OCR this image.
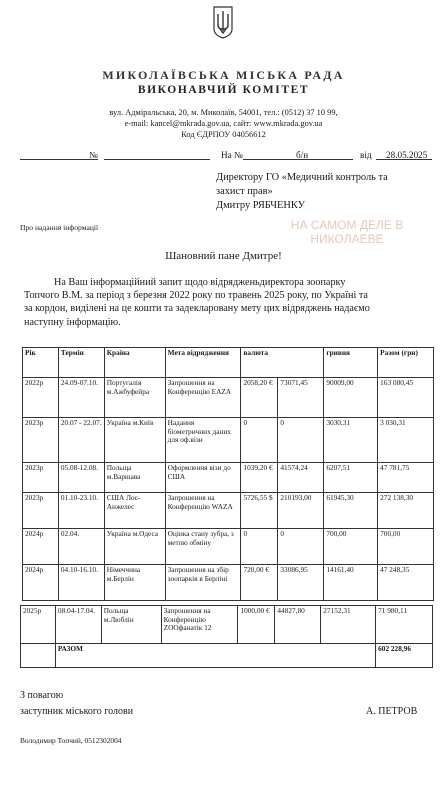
МИКОЛАЇВСЬКА МІСЬКА РАДА
ВИКОНАВЧИЙ КОМІТЕТ
вул. Адміральська, 20, м. Миколаїв, 54001, тел.: (0512) 37 10 99,
e-mail: kancel@mkrada.gov.ua, сайт: www.mkrada.gov.ua
Код ЄДРПОУ 04056612
№	На №	б/н	від 28.05.2025
Директору ГО «Медичний контроль та
захист прав»
Дмитру РЯБЧЕНКУ
Про надання інформації	НА САМОМ ДЕЛЕ В
НИКОЛАЕВЕ
Шановний пане Дмитре!
На Ваш інформаційний запит щодо відрядженьдиректора зоопарку
Топчого В.М. за період з березня 2022 року по травень 2025 року, по Україні та
за кордон, виділені на це кошти та задекларовану мету цих відряджень надаємо
наступну інформацію.
Рік	Термін	Країна	Мета відрядження	валюта		гривня	Разом (грн)
2022р	24.09-07.10.	Португалія м.Ажбуфейра	Запрошення на Конференцію EAZA	2058,20 €	73071,45	90009,00	163 080,45
2023р	20.07 - 22.07.	Україна м.Київ	Надання біометричних даних для оф.візи	0	0	3030,31	3 030,31
2023р	05.08-12.08.	Польща м.Варшава	Оформлення візи до США	1039,20 €	41574,24	6207,51	47 781,75
2023р	01.10-23.10.	США Лос-Анжелес	Запрошення на Конференцію WAZA	5726,55 $	210193,00	61945,30	272 138,30
2024р	02.04.	Україна м.Одеса	Оцінка стану зубра, з метою обміну	0	0	700,00	700,00
2024р	04.10-16.10.	Німеччина м.Берлін	Запрошення на збір зоопарків в Берліні	720,00 €	33086,95	14161,40	47 248,35
2025р	08.04-17.04.	Польща м.Люблін	Запрошення на Конференцію ZOOфанатік 12	1000,00 €	44827,80	27152,31	71 980,11
	РАЗОМ						602 228,96
З повагою
заступник міського голови	А. ПЕТРОВ
Володимир Топчий, 0512302004
